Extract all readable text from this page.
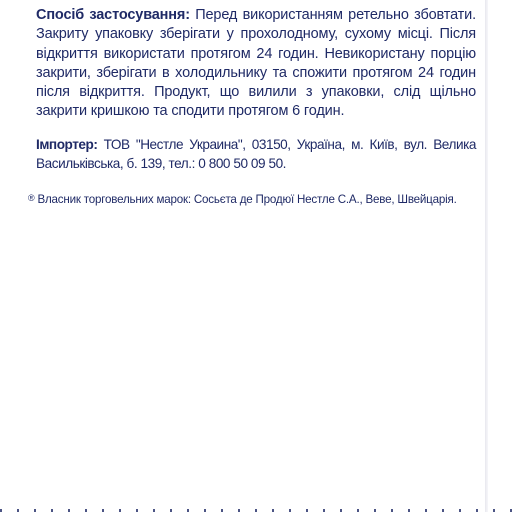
Спосіб застосування: Перед використанням ретельно збовтати. Закриту упаковку зберігати у прохолодному, сухому місці. Після відкриття використати протягом 24 годин. Невикористану порцію закрити, зберігати в холодильнику та спожити протягом 24 годин після відкриття. Продукт, що вилили з упаковки, слід щільно закрити кришкою та сподити протягом 6 годин.

Імпортер: ТОВ "Нестле Украина", 03150, Україна, м. Київ, вул. Велика Васильківська, б. 139, тел.: 0 800 50 09 50.

® Власник торговельних марок: Сосьєта де Продюї Нестле С.А., Веве, Швейцарія.
